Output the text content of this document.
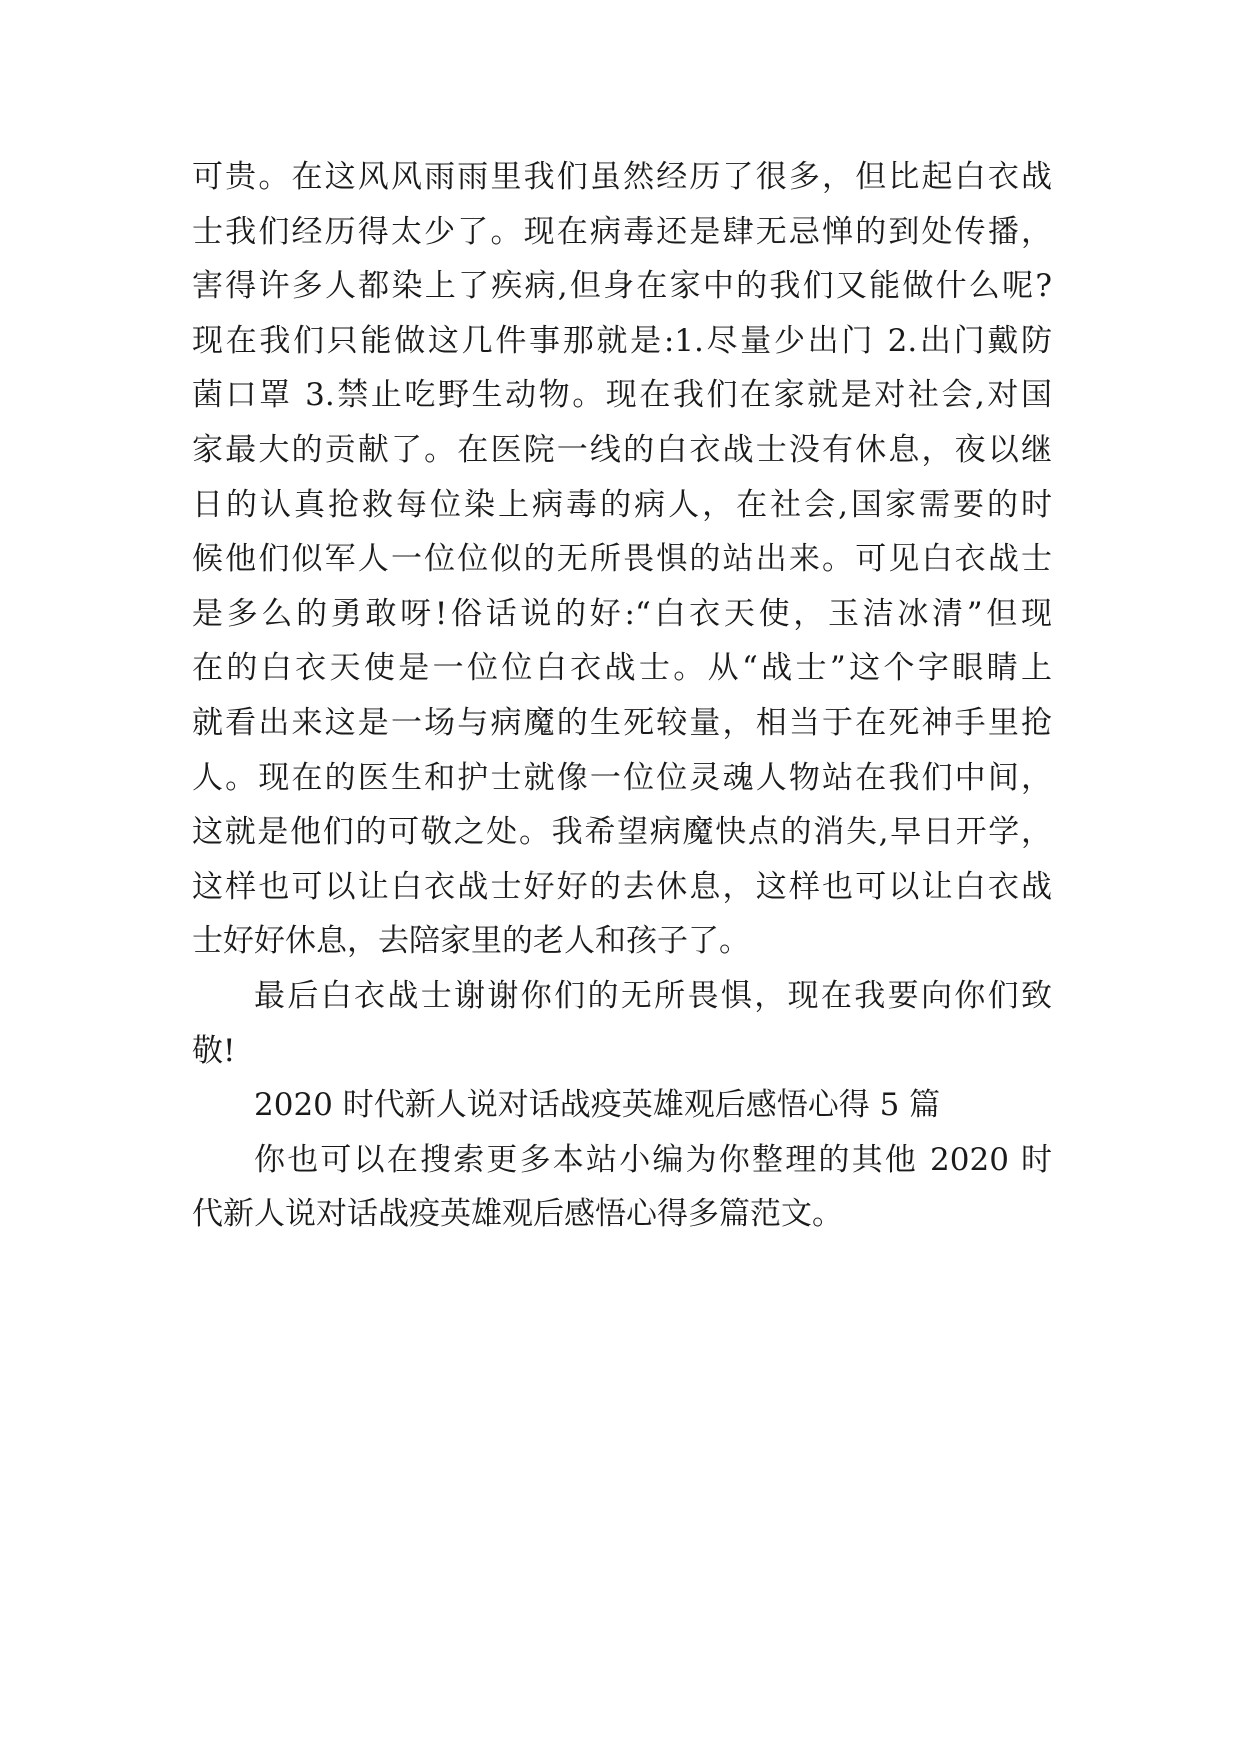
可贵。在这风风雨雨里我们虽然经历了很多，但比起白衣战
士我们经历得太少了。现在病毒还是肆无忌惮的到处传播，
害得许多人都染上了疾病,但身在家中的我们又能做什么呢?
现在我们只能做这几件事那就是:1.尽量少出门 2.出门戴防
菌口罩 3.禁止吃野生动物。现在我们在家就是对社会,对国
家最大的贡献了。在医院一线的白衣战士没有休息，夜以继
日的认真抢救每位染上病毒的病人，在社会,国家需要的时
候他们似军人一位位似的无所畏惧的站出来。可见白衣战士
是多么的勇敢呀!俗话说的好:“白衣天使，玉洁冰清”但现
在的白衣天使是一位位白衣战士。从“战士”这个字眼睛上
就看出来这是一场与病魔的生死较量，相当于在死神手里抢
人。现在的医生和护士就像一位位灵魂人物站在我们中间，
这就是他们的可敬之处。我希望病魔快点的消失,早日开学，
这样也可以让白衣战士好好的去休息，这样也可以让白衣战
士好好休息，去陪家里的老人和孩子了。
最后白衣战士谢谢你们的无所畏惧，现在我要向你们致
敬!
2020 时代新人说对话战疫英雄观后感悟心得 5 篇
你也可以在搜索更多本站小编为你整理的其他 2020 时
代新人说对话战疫英雄观后感悟心得多篇范文。
